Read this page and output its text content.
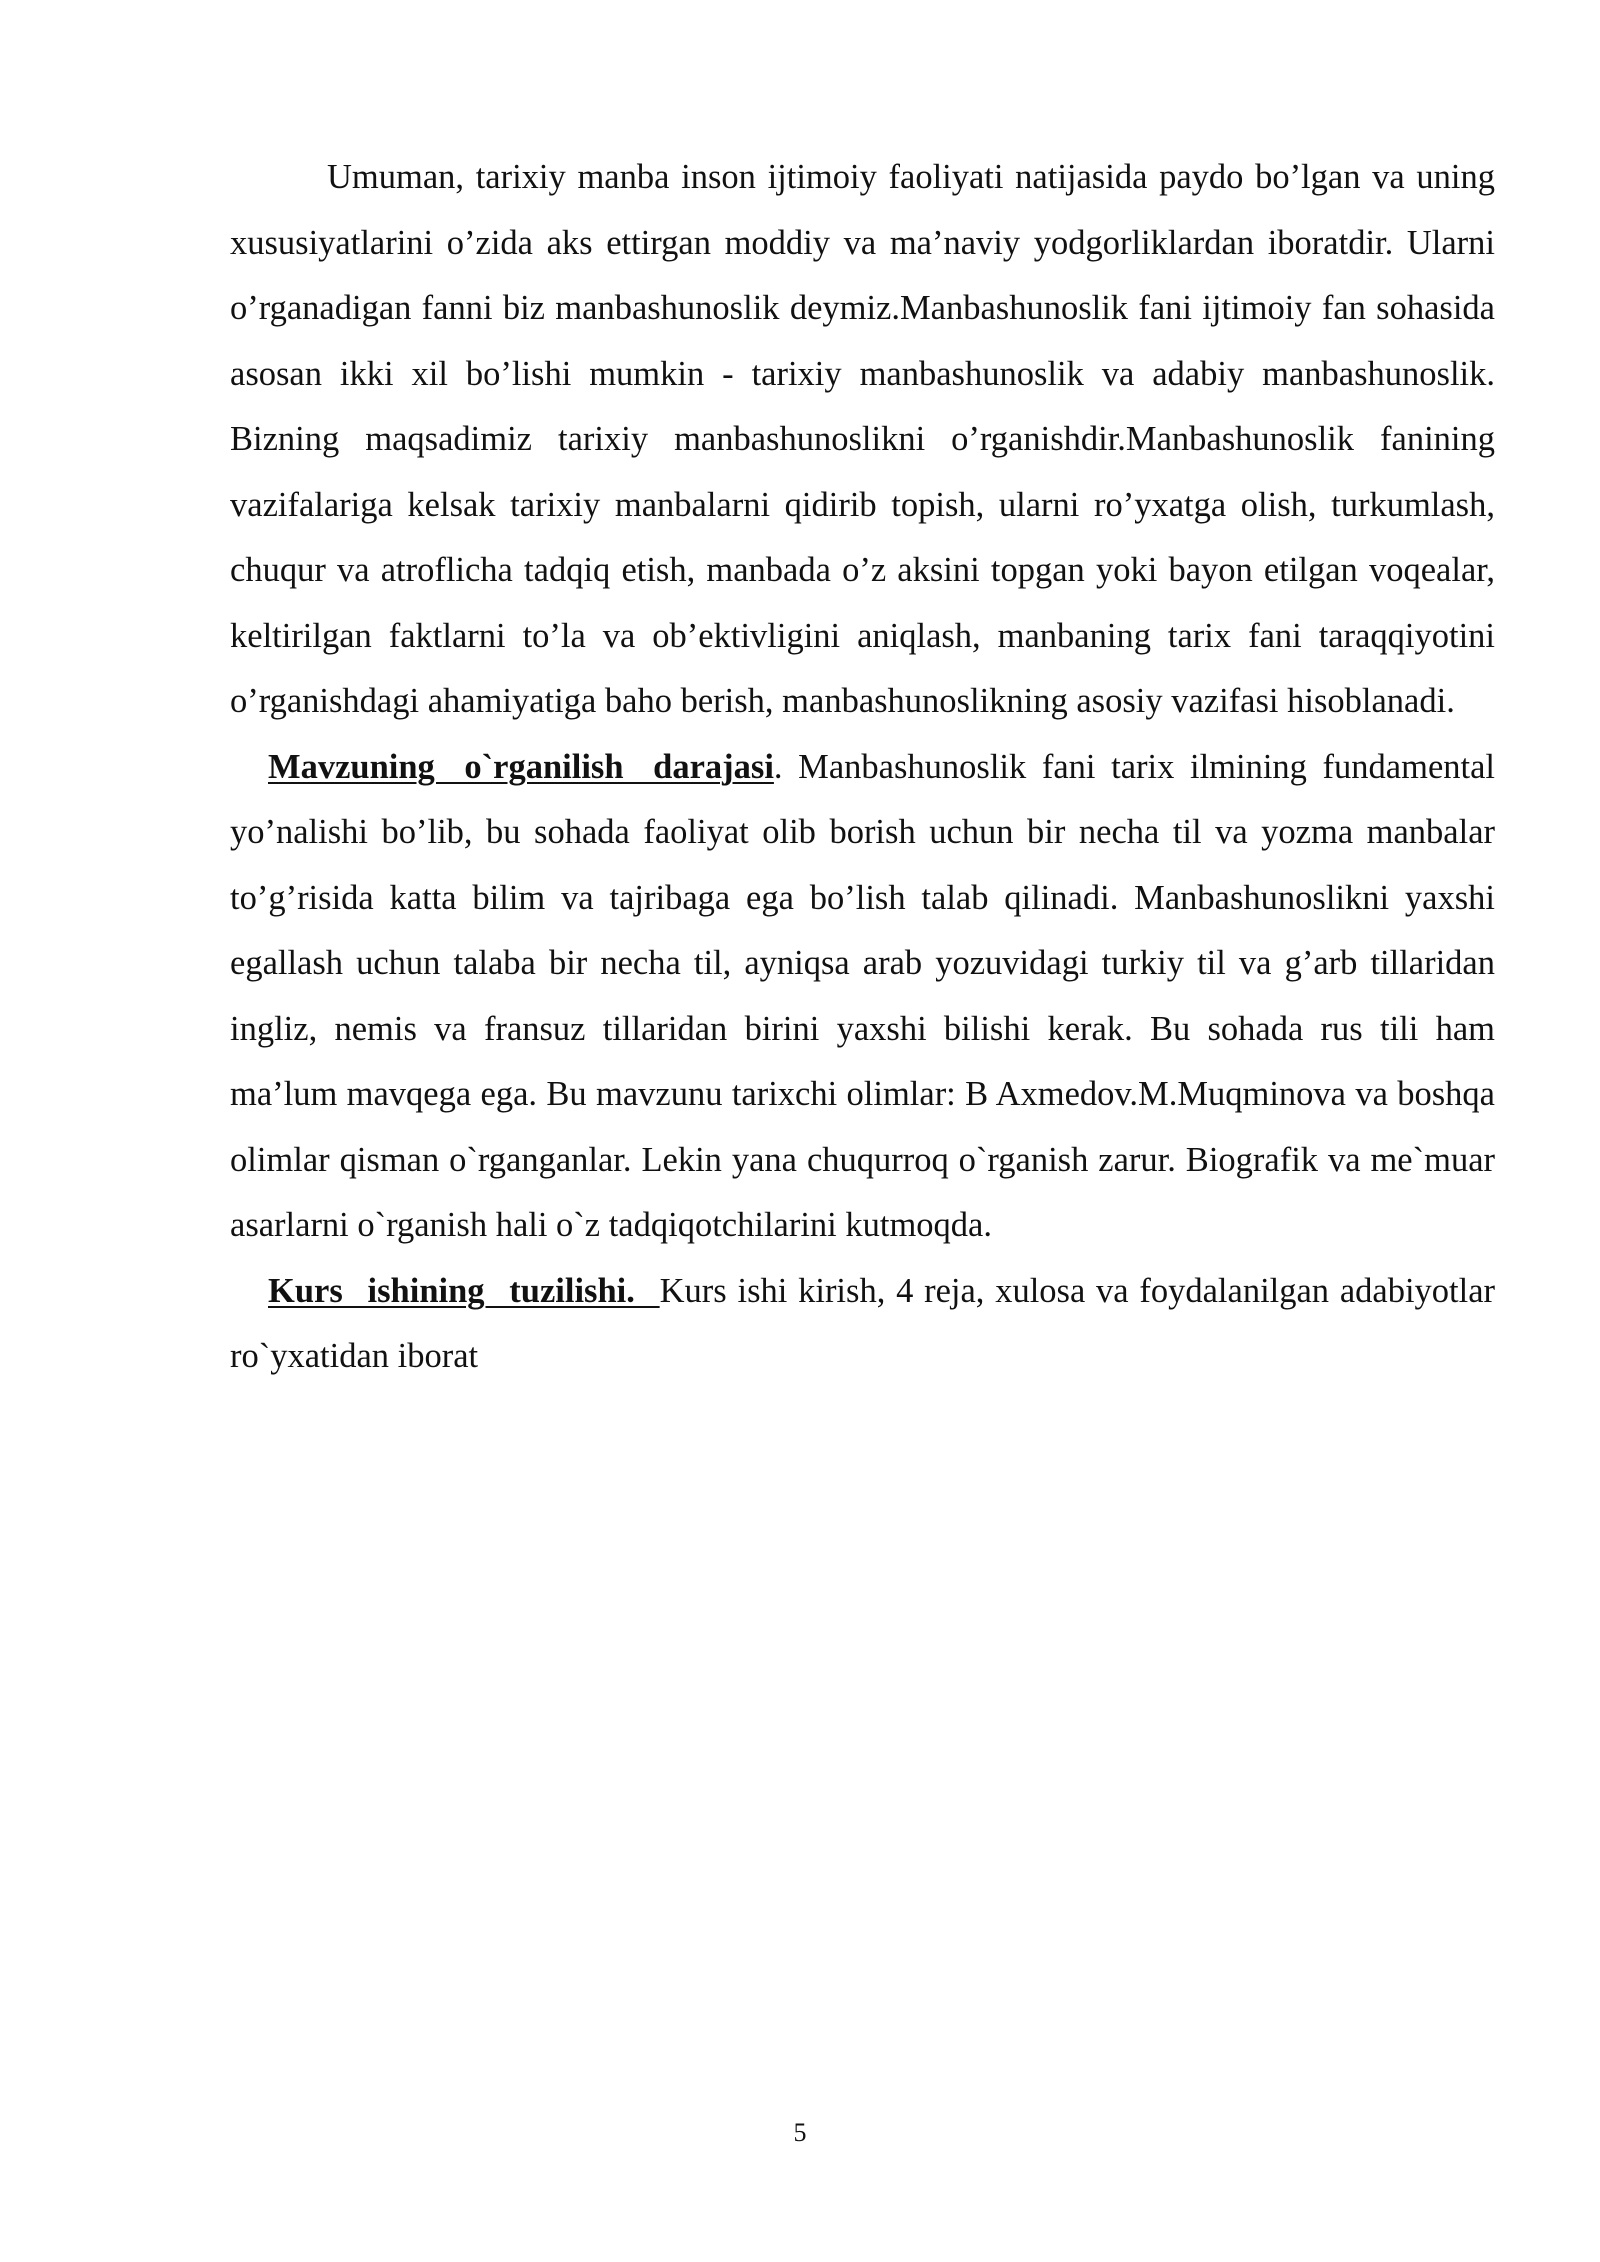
Umuman, tarixiy manba inson ijtimoiy faoliyati natijasida paydo bo’lgan va uning xususiyatlarini o’zida aks ettirgan moddiy va ma’naviy yodgorliklardan iboratdir. Ularni o’rganadigan fanni biz manbashunoslik deymiz.Manbashunoslik fani ijtimoiy fan sohasida asosan ikki xil bo’lishi mumkin - tarixiy manbashunoslik va adabiy manbashunoslik. Bizning maqsadimiz tarixiy manbashunoslikni o’rganishdir.Manbashunoslik fanining vazifalariga kelsak tarixiy manbalarni qidirib topish, ularni ro’yxatga olish, turkumlash, chuqur va atroflicha tadqiq etish, manbada o’z aksini topgan yoki bayon etilgan voqealar, keltirilgan faktlarni to’la va ob’ektivligini aniqlash, manbaning tarix fani taraqqiyotini o’rganishdagi ahamiyatiga baho berish, manbashunoslikning asosiy vazifasi hisoblanadi.

Mavzuning o`rganilish darajasi. Manbashunoslik fani tarix ilmining fundamental yo’nalishi bo’lib, bu sohada faoliyat olib borish uchun bir necha til va yozma manbalar to’g’risida katta bilim va tajribaga ega bo’lish talab qilinadi. Manbashunoslikni yaxshi egallash uchun talaba bir necha til, ayniqsa arab yozuvidagi turkiy til va g’arb tillaridan ingliz, nemis va fransuz tillaridan birini yaxshi bilishi kerak. Bu sohada rus tili ham ma’lum mavqega ega. Bu mavzunu tarixchi olimlar: B Axmedov.M.Muqminova va boshqa olimlar qisman o`rganganlar. Lekin yana chuqurroq o`rganish zarur. Biografik va me`muar asarlarni o`rganish hali o`z tadqiqotchilarini kutmoqda.

Kurs ishining tuzilishi. Kurs ishi kirish, 4 reja, xulosa va foydalanilgan adabiyotlar ro`yxatidan iborat

5
